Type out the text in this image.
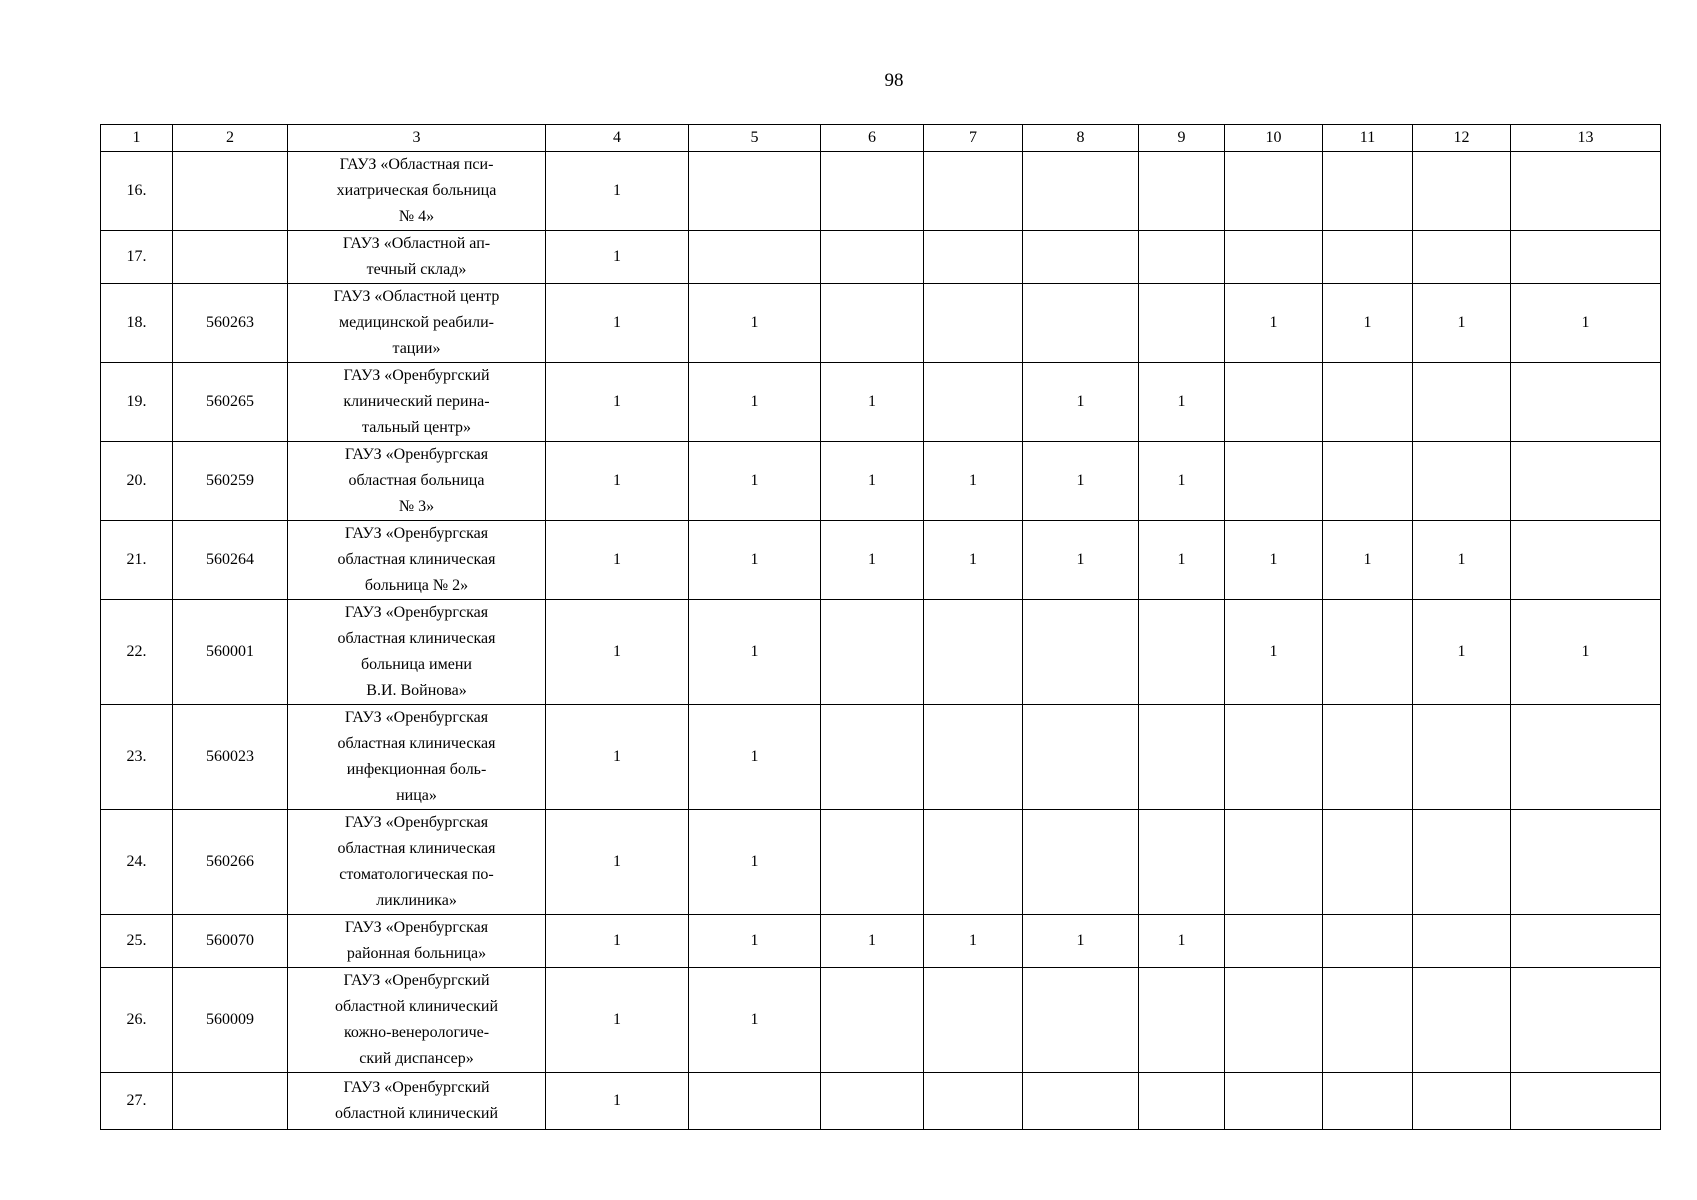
98
1	2	3	4	5	6	7	8	9	10	11	12	13
16.		ГАУЗ «Областная пси-
хиатрическая больница
№ 4»	1									
17.		ГАУЗ «Областной ап-
течный склад»	1									
18.	560263	ГАУЗ «Областной центр
медицинской реабили-
тации»	1	1					1	1	1	1
19.	560265	ГАУЗ «Оренбургский
клинический перина-
тальный центр»	1	1	1		1	1				
20.	560259	ГАУЗ «Оренбургская
областная больница
№ 3»	1	1	1	1	1	1				
21.	560264	ГАУЗ «Оренбургская
областная клиническая
больница № 2»	1	1	1	1	1	1	1	1	1	
22.	560001	ГАУЗ «Оренбургская
областная клиническая
больница имени
В.И. Войнова»	1	1					1		1	1
23.	560023	ГАУЗ «Оренбургская
областная клиническая
инфекционная боль-
ница»	1	1								
24.	560266	ГАУЗ «Оренбургская
областная клиническая
стоматологическая по-
ликлиника»	1	1								
25.	560070	ГАУЗ «Оренбургская
районная больница»	1	1	1	1	1	1				
26.	560009	ГАУЗ «Оренбургский
областной клинический
кожно-венерологиче-
ский диспансер»	1	1								
27.		ГАУЗ «Оренбургский
областной клинический	1									
